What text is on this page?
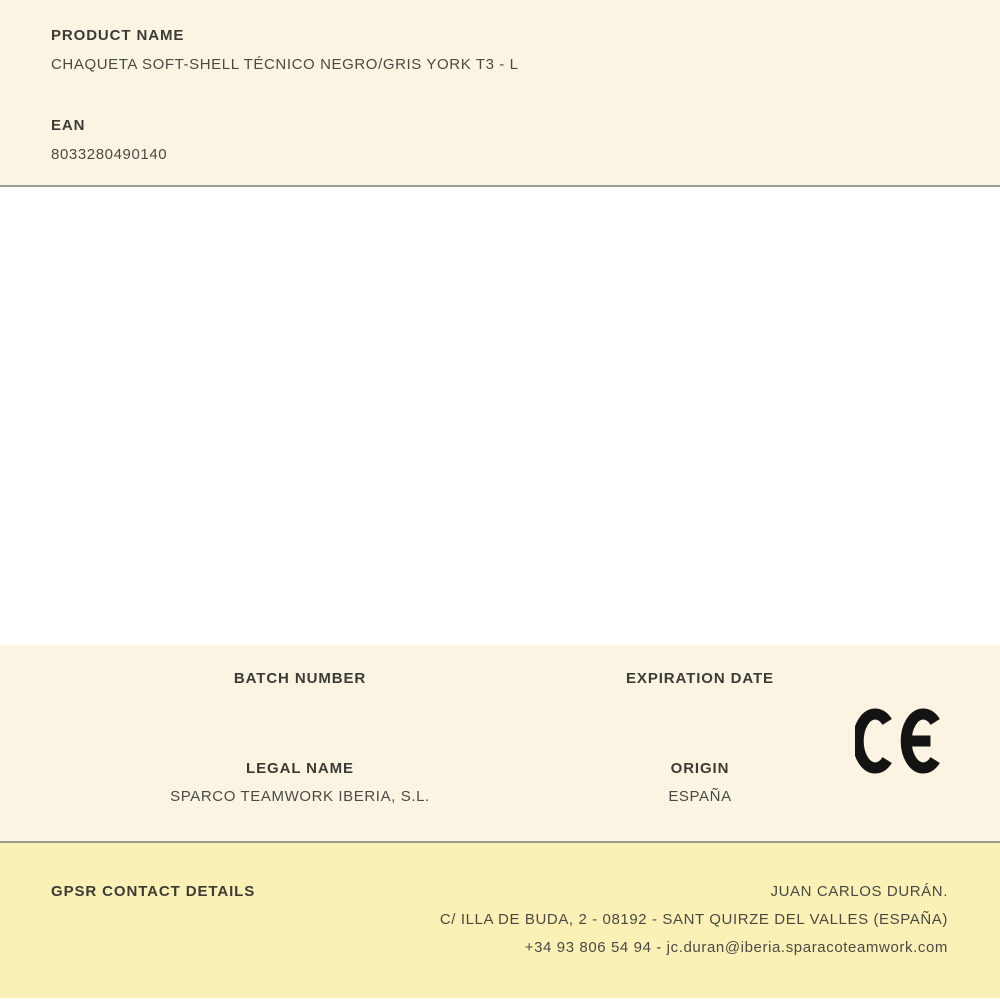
PRODUCT NAME
CHAQUETA SOFT-SHELL TÉCNICO NEGRO/GRIS YORK T3 - L
EAN
8033280490140
BATCH NUMBER
LEGAL NAME
SPARCO TEAMWORK IBERIA, S.L.
EXPIRATION DATE
ORIGIN
ESPAÑA
GPSR CONTACT DETAILS	JUAN CARLOS DURÁN.
C/ ILLA DE BUDA, 2 - 08192 - SANT QUIRZE DEL VALLES (ESPAÑA)
+34 93 806 54 94 - jc.duran@iberia.sparacoteamwork.com
